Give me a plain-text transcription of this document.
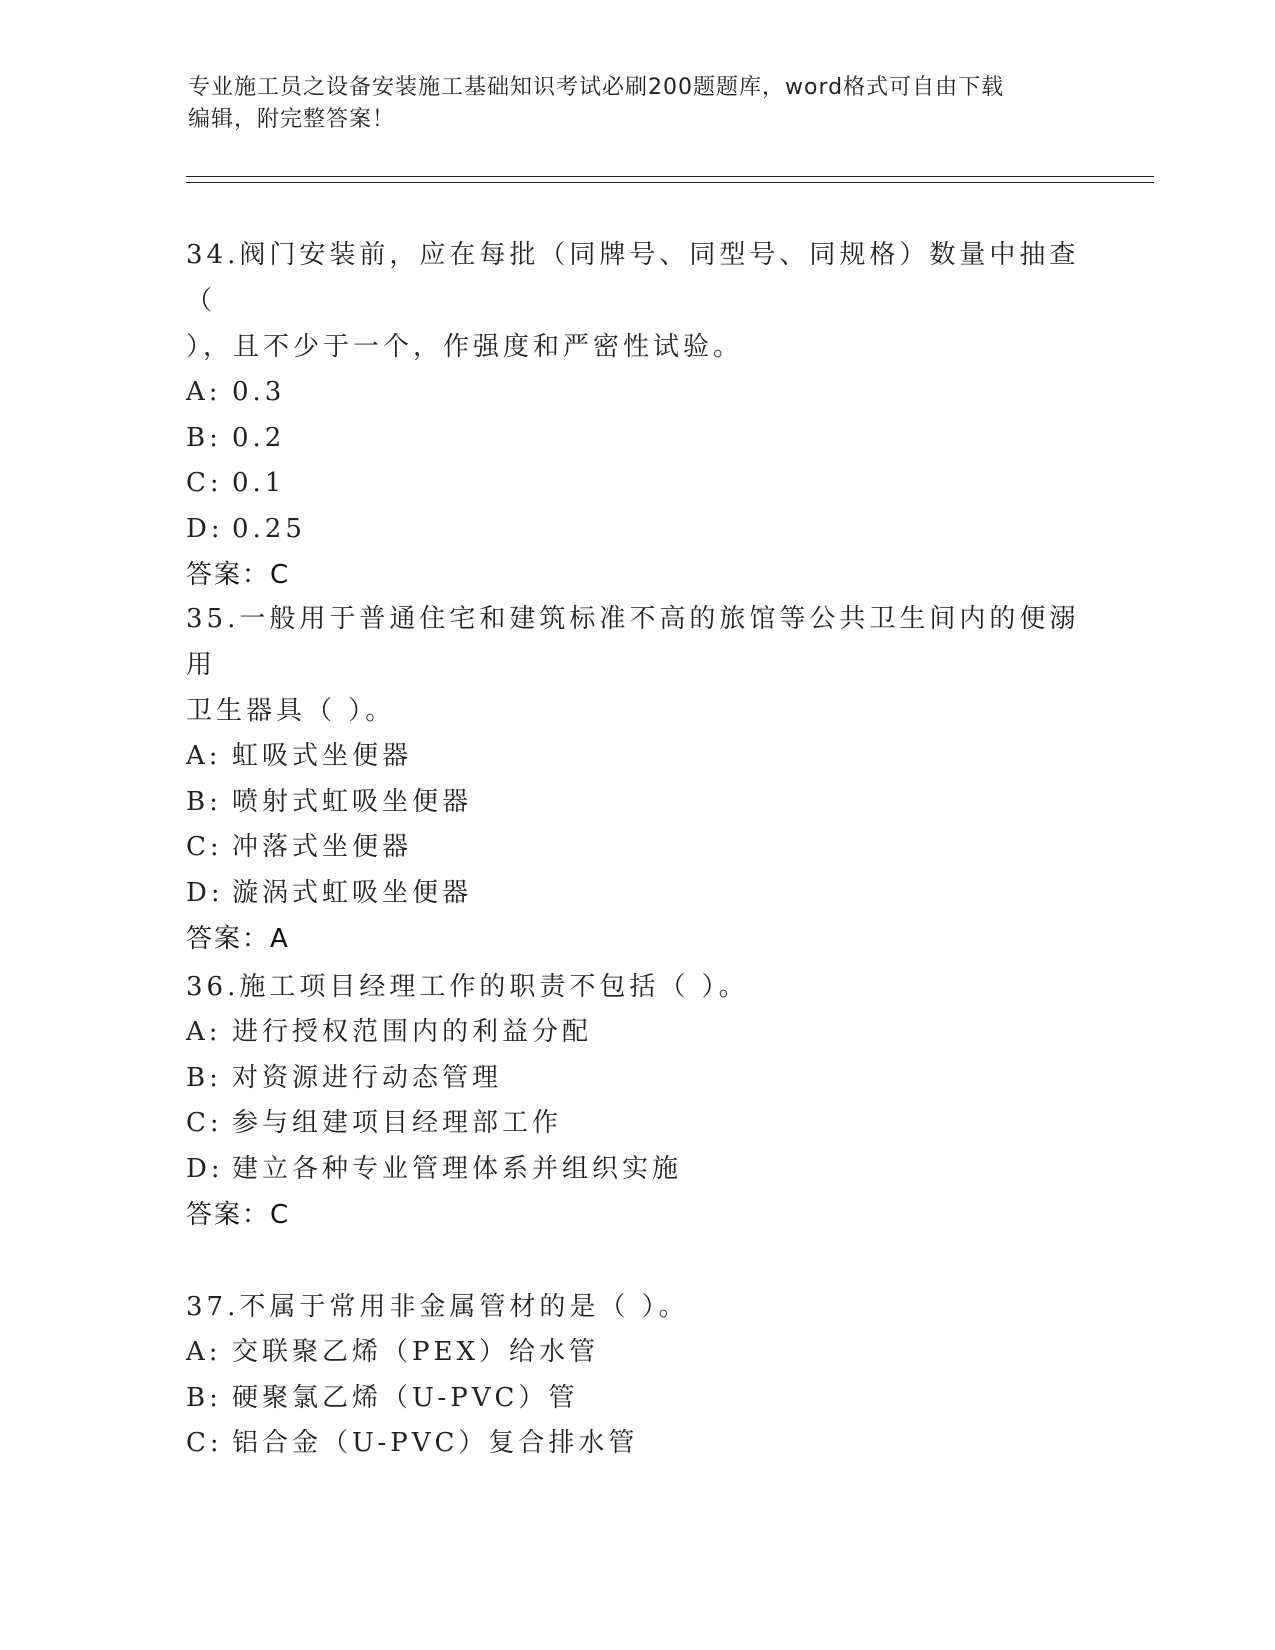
专业施工员之设备安装施工基础知识考试必刷200题题库，word格式可自由下载
编辑，附完整答案！
34.阀门安装前，应在每批（同牌号、同型号、同规格）数量中抽查（
），且不少于一个，作强度和严密性试验。
A: 0.3
B: 0.2
C: 0.1
D: 0.25
答案：C
35.一般用于普通住宅和建筑标准不高的旅馆等公共卫生间内的便溺用
卫生器具（ ）。
A: 虹吸式坐便器
B: 喷射式虹吸坐便器
C: 冲落式坐便器
D: 漩涡式虹吸坐便器
答案：A
36.施工项目经理工作的职责不包括（ ）。
A: 进行授权范围内的利益分配
B: 对资源进行动态管理
C: 参与组建项目经理部工作
D: 建立各种专业管理体系并组织实施
答案：C
37.不属于常用非金属管材的是（ ）。
A: 交联聚乙烯（PEX）给水管
B: 硬聚氯乙烯（U-PVC）管
C: 铝合金（U-PVC）复合排水管
